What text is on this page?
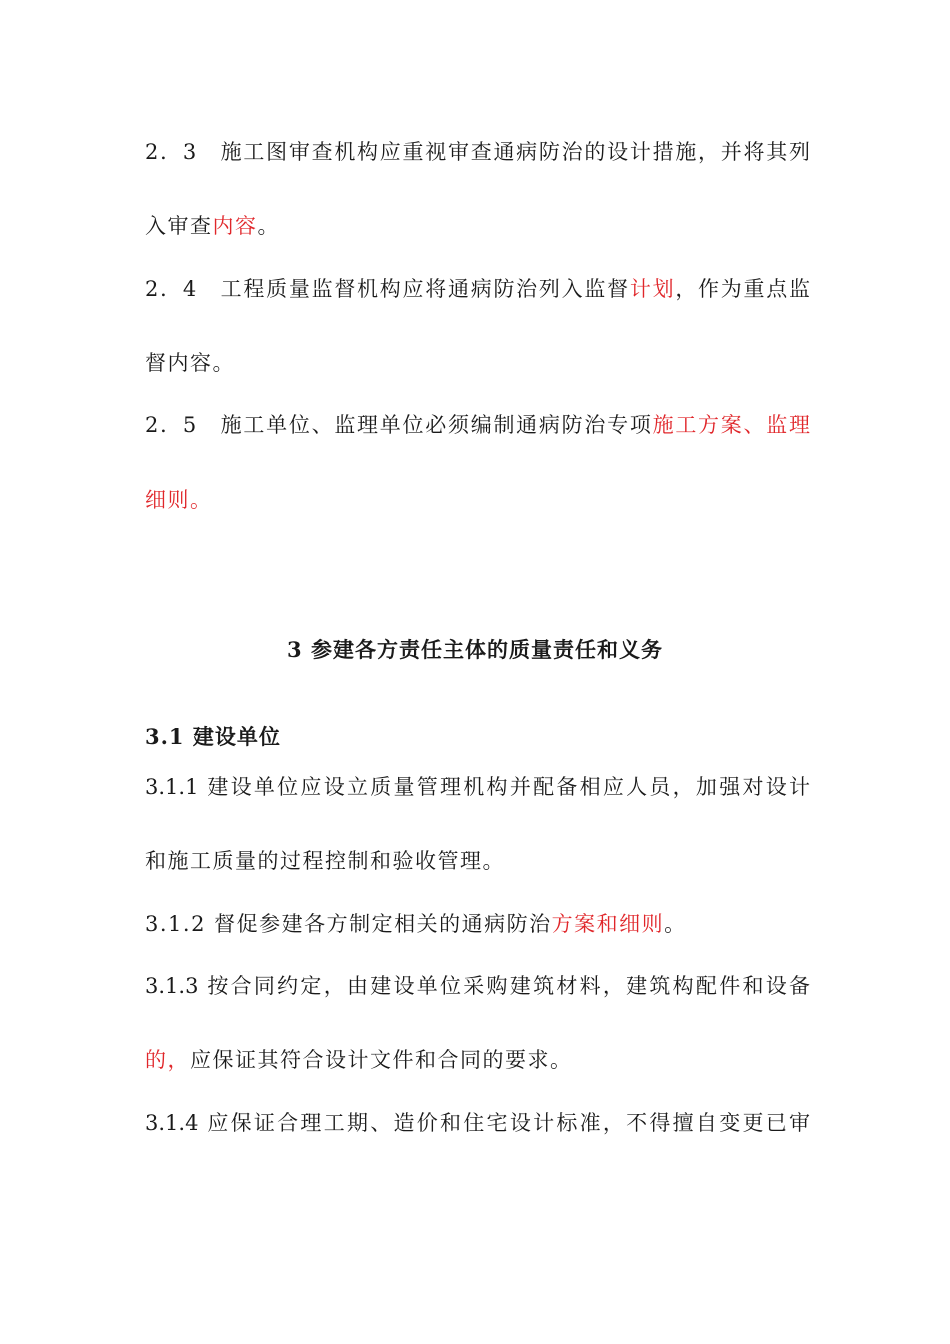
2．3　施工图审查机构应重视审查通病防治的设计措施，并将其列
入审查内容。
2．4　工程质量监督机构应将通病防治列入监督计划，作为重点监
督内容。
2．5　施工单位、监理单位必须编制通病防治专项施工方案、监理
细则。
3 参建各方责任主体的质量责任和义务
3.1 建设单位
3.1.1 建设单位应设立质量管理机构并配备相应人员，加强对设计
和施工质量的过程控制和验收管理。
3.1.2 督促参建各方制定相关的通病防治方案和细则。
3.1.3 按合同约定，由建设单位采购建筑材料，建筑构配件和设备
的，应保证其符合设计文件和合同的要求。
3.1.4 应保证合理工期、造价和住宅设计标准，不得擅自变更已审
